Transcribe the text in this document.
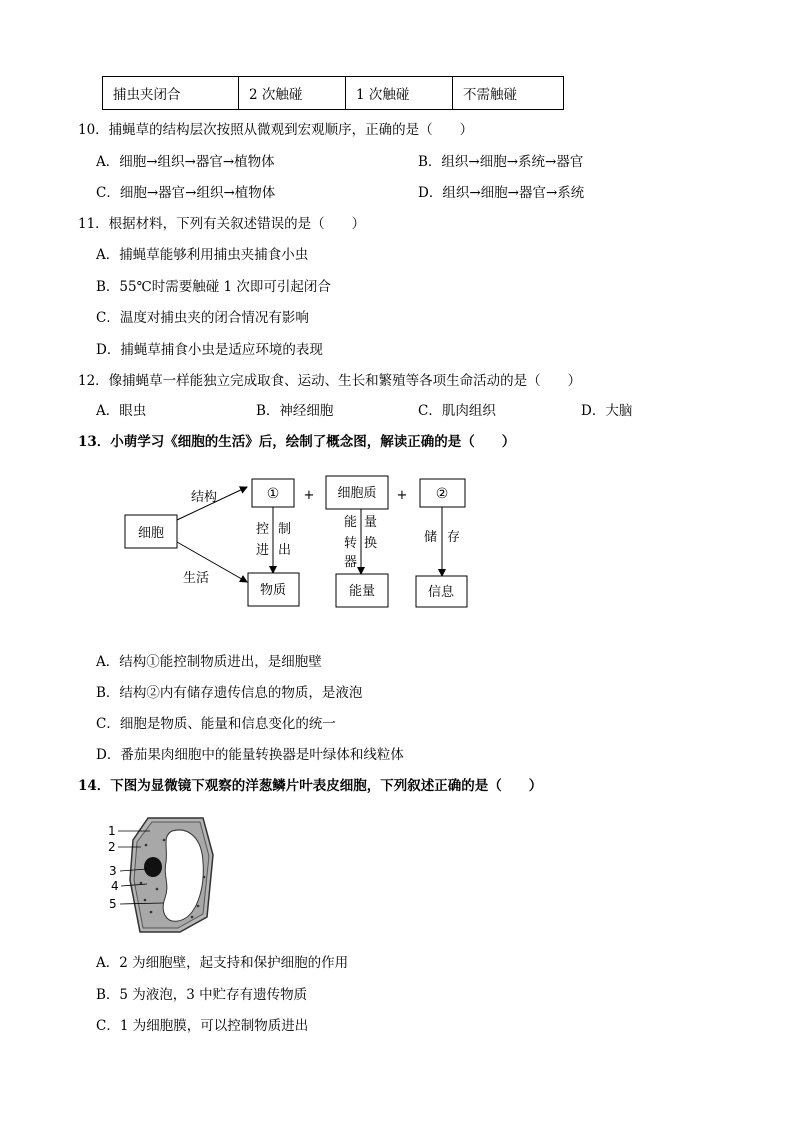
捕虫夹闭合	2 次触碰	1 次触碰	不需触碰
10．捕蝇草的结构层次按照从微观到宏观顺序，正确的是（　　）
A．细胞→组织→器官→植物体	B．组织→细胞→系统→器官
C．细胞→器官→组织→植物体	D．组织→细胞→器官→系统
11．根据材料，下列有关叙述错误的是（　　）
A．捕蝇草能够利用捕虫夹捕食小虫
B．55℃时需要触碰 1 次即可引起闭合
C．温度对捕虫夹的闭合情况有影响
D．捕蝇草捕食小虫是适应环境的表现
12．像捕蝇草一样能独立完成取食、运动、生长和繁殖等各项生命活动的是（　　）
A．眼虫	B．神经细胞	C．肌肉组织	D．大脑
13．小萌学习《细胞的生活》后，绘制了概念图，解读正确的是（　　）
细胞
结构
生活
① + 细胞质 + ②
控 制
进 出
能 量
转 换
器
储 存
物质	能量	信息
1
2
3
4
5
A．结构①能控制物质进出，是细胞壁
B．结构②内有储存遗传信息的物质，是液泡
C．细胞是物质、能量和信息变化的统一
D．番茄果肉细胞中的能量转换器是叶绿体和线粒体
14．下图为显微镜下观察的洋葱鳞片叶表皮细胞，下列叙述正确的是（　　）
A．2 为细胞壁，起支持和保护细胞的作用
B．5 为液泡，3 中贮存有遗传物质
C．1 为细胞膜，可以控制物质进出
